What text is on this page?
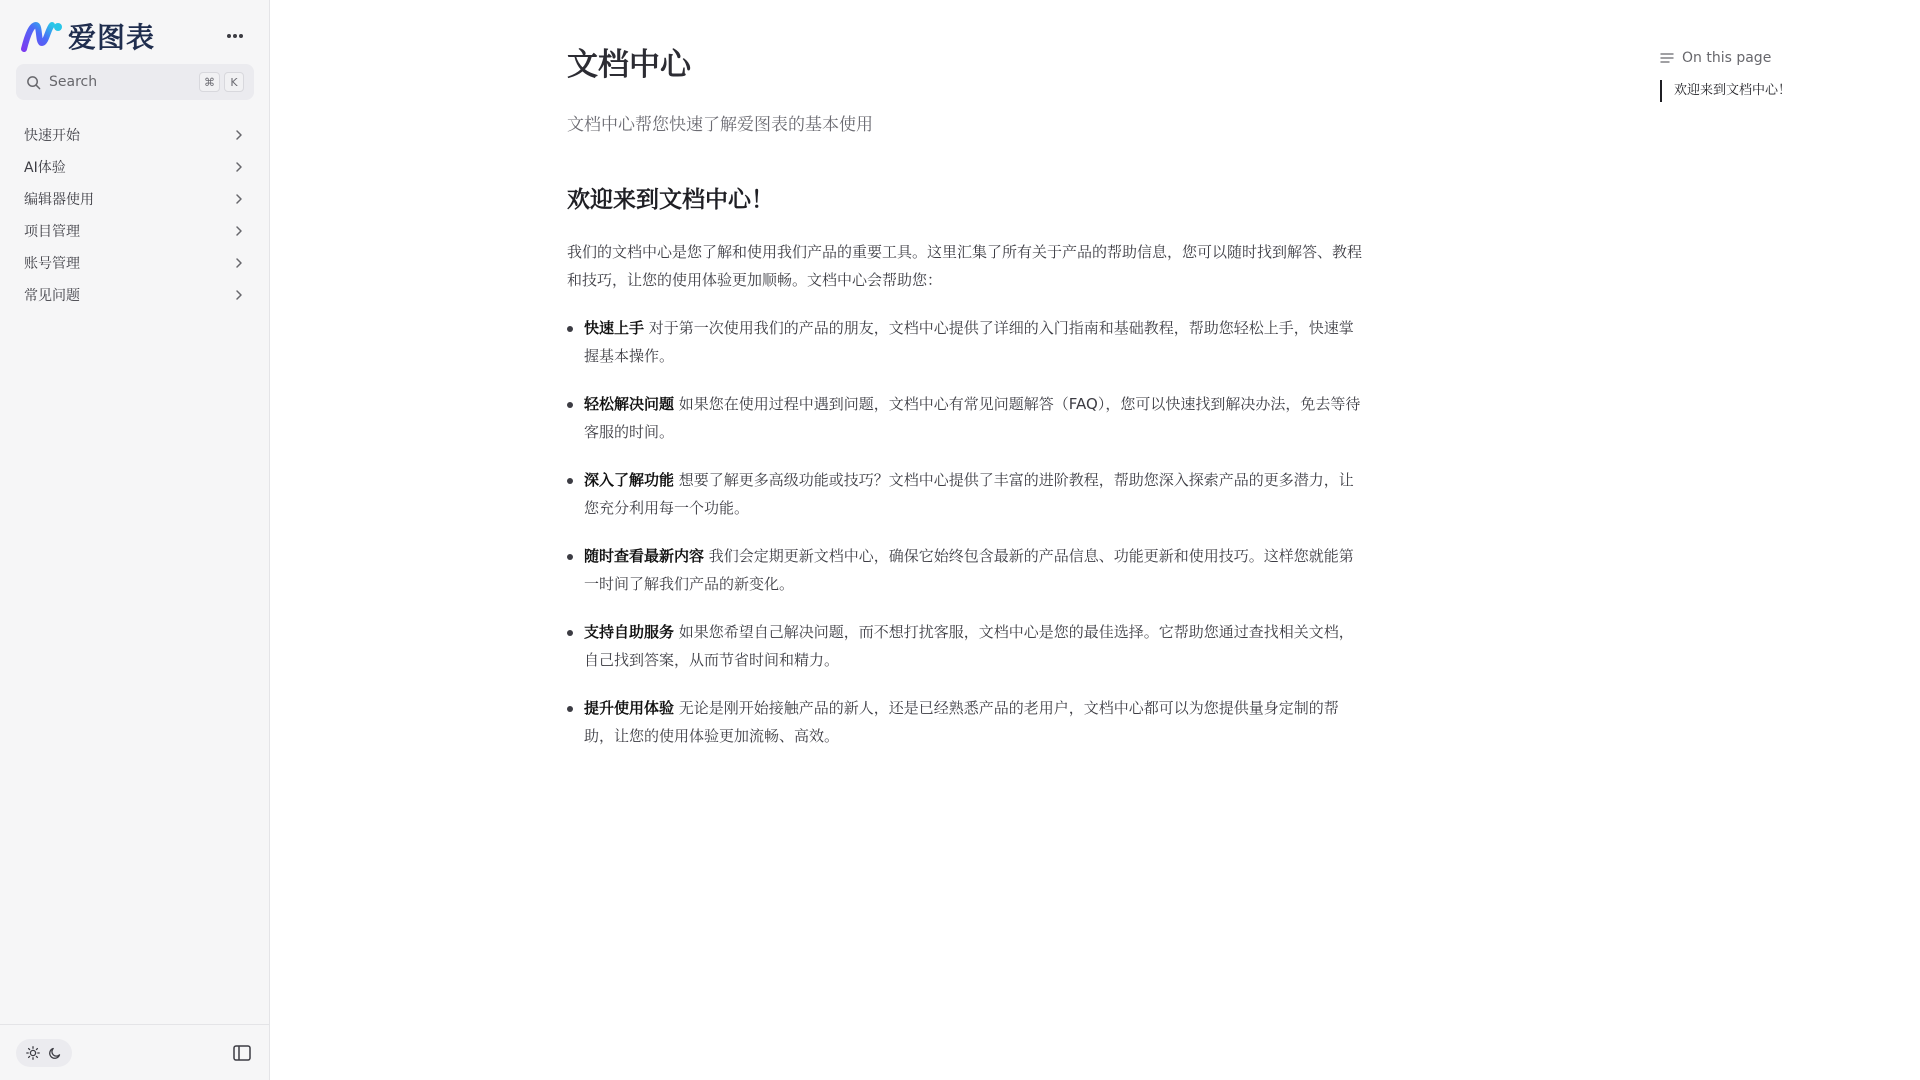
爱图表
Search	⌘	K
快速开始
AI体验
编辑器使用
项目管理
账号管理
常见问题
文档中心

文档中心帮您快速了解爱图表的基本使用

欢迎来到文档中心！

我们的文档中心是您了解和使用我们产品的重要工具。这里汇集了所有关于产品的帮助信息，您可以随时找到解答、教程和技巧，让您的使用体验更加顺畅。文档中心会帮助您：

快速上手 对于第一次使用我们的产品的朋友，文档中心提供了详细的入门指南和基础教程，帮助您轻松上手，快速掌握基本操作。
轻松解决问题 如果您在使用过程中遇到问题，文档中心有常见问题解答（FAQ），您可以快速找到解决办法，免去等待客服的时间。
深入了解功能 想要了解更多高级功能或技巧？文档中心提供了丰富的进阶教程，帮助您深入探索产品的更多潜力，让您充分利用每一个功能。
随时查看最新内容 我们会定期更新文档中心，确保它始终包含最新的产品信息、功能更新和使用技巧。这样您就能第一时间了解我们产品的新变化。
支持自助服务 如果您希望自己解决问题，而不想打扰客服，文档中心是您的最佳选择。它帮助您通过查找相关文档，自己找到答案，从而节省时间和精力。
提升使用体验 无论是刚开始接触产品的新人，还是已经熟悉产品的老用户，文档中心都可以为您提供量身定制的帮助，让您的使用体验更加流畅、高效。
On this page
欢迎来到文档中心！
